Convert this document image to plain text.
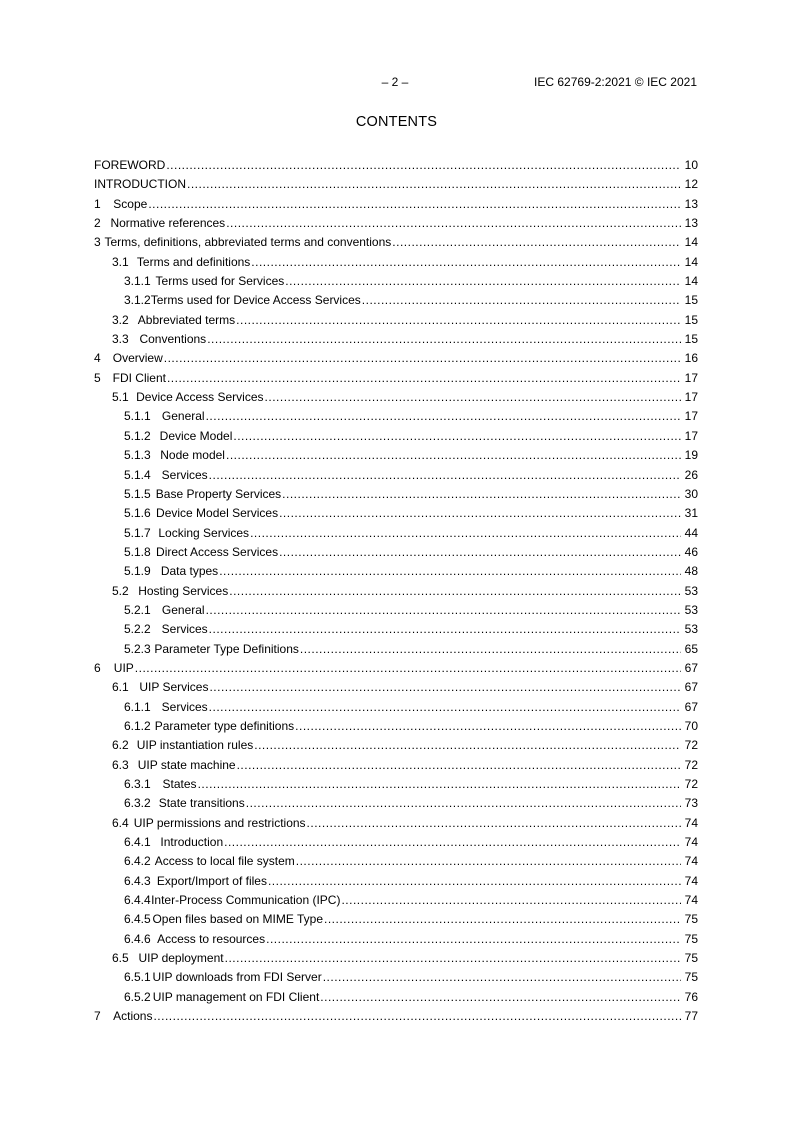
– 2 –	IEC 62769-2:2021 © IEC 2021
CONTENTS
FOREWORD .....	10
INTRODUCTION .....	12
1	Scope .....	13
2 Normative references .....	13
3 Terms, definitions, abbreviated terms and conventions .....	14
3.1 Terms and definitions .....	14
3.1.1 Terms used for Services .....	14
3.1.2 Terms used for Device Access Services .....	15
3.2 Abbreviated terms .....	15
3.3 Conventions .....	15
4	Overview .....	16
5 FDI Client .....	17
5.1 Device Access Services .....	17
5.1.1 General .....	17
5.1.2 Device Model .....	17
5.1.3 Node model .....	19
5.1.4 Services .....	26
5.1.5 Base Property Services .....	30
5.1.6 Device Model Services .....	31
5.1.7 Locking Services .....	44
5.1.8 Direct Access Services .....	46
5.1.9 Data types .....	48
5.2 Hosting Services .....	53
5.2.1 General .....	53
5.2.2 Services .....	53
5.2.3 Parameter Type Definitions .....	65
6	UIP .....	67
6.1 UIP Services .....	67
6.1.1 Services .....	67
6.1.2 Parameter type definitions .....	70
6.2 UIP instantiation rules .....	72
6.3 UIP state machine .....	72
6.3.1 States .....	72
6.3.2 State transitions .....	73
6.4 UIP permissions and restrictions .....	74
6.4.1 Introduction .....	74
6.4.2 Access to local file system .....	74
6.4.3 Export/Import of files .....	74
6.4.4 Inter-Process Communication (IPC) .....	74
6.4.5 Open files based on MIME Type .....	75
6.4.6 Access to resources .....	75
6.5 UIP deployment .....	75
6.5.1 UIP downloads from FDI Server .....	75
6.5.2 UIP management on FDI Client .....	76
7	Actions .....	77
